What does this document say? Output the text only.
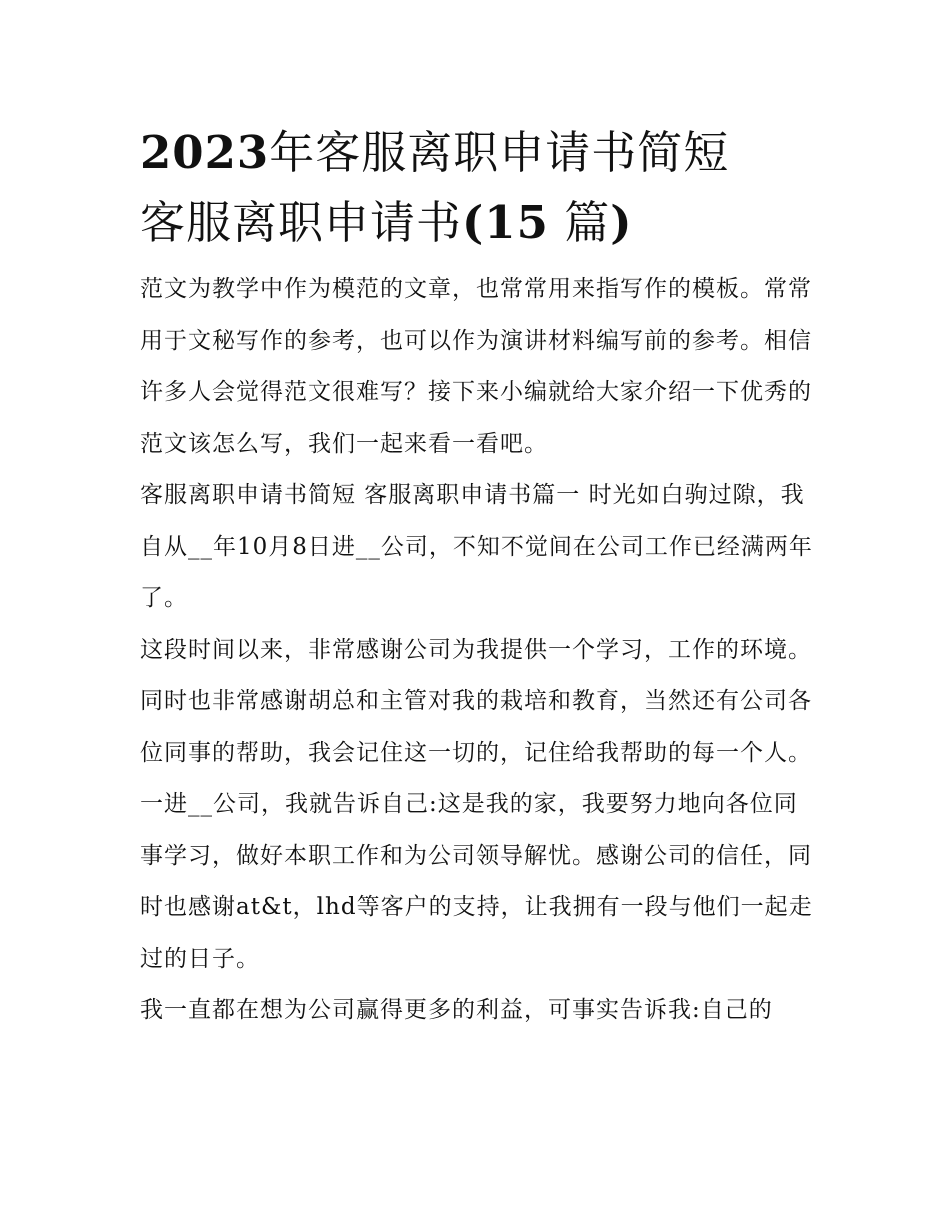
2023年客服离职申请书简短
客服离职申请书(15 篇)

范文为教学中作为模范的文章，也常常用来指写作的模板。常常用于文秘写作的参考，也可以作为演讲材料编写前的参考。相信许多人会觉得范文很难写？接下来小编就给大家介绍一下优秀的范文该怎么写，我们一起来看一看吧。

客服离职申请书简短 客服离职申请书篇一 时光如白驹过隙，我自从__年10月8日进__公司，不知不觉间在公司工作已经满两年了。

这段时间以来，非常感谢公司为我提供一个学习，工作的环境。同时也非常感谢胡总和主管对我的栽培和教育，当然还有公司各位同事的帮助，我会记住这一切的，记住给我帮助的每一个人。

一进__公司，我就告诉自己:这是我的家，我要努力地向各位同事学习，做好本职工作和为公司领导解忧。感谢公司的信任，同时也感谢at&t，lhd等客户的支持，让我拥有一段与他们一起走过的日子。

我一直都在想为公司赢得更多的利益，可事实告诉我:自己的
